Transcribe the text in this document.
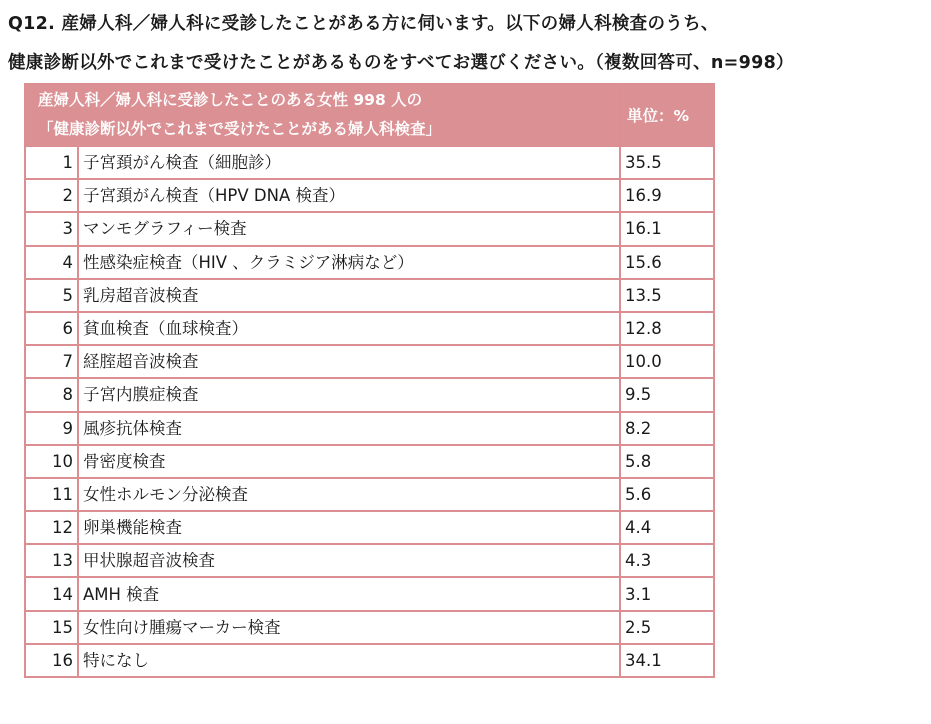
Q12. 産婦人科／婦人科に受診したことがある方に伺います。以下の婦人科検査のうち、
健康診断以外でこれまで受けたことがあるものをすべてお選びください。（複数回答可、n=998）
産婦人科／婦人科に受診したことのある女性 998 人の
「健康診断以外でこれまで受けたことがある婦人科検査」		単位：%
1	子宮頚がん検査（細胞診）	35.5
2	子宮頚がん検査（HPV DNA 検査）	16.9
3	マンモグラフィー検査	16.1
4	性感染症検査（HIV 、クラミジア淋病など）	15.6
5	乳房超音波検査	13.5
6	貧血検査（血球検査）	12.8
7	経腟超音波検査	10.0
8	子宮内膜症検査	9.5
9	風疹抗体検査	8.2
10	骨密度検査	5.8
11	女性ホルモン分泌検査	5.6
12	卵巣機能検査	4.4
13	甲状腺超音波検査	4.3
14	AMH 検査	3.1
15	女性向け腫瘍マーカー検査	2.5
16	特になし	34.1
